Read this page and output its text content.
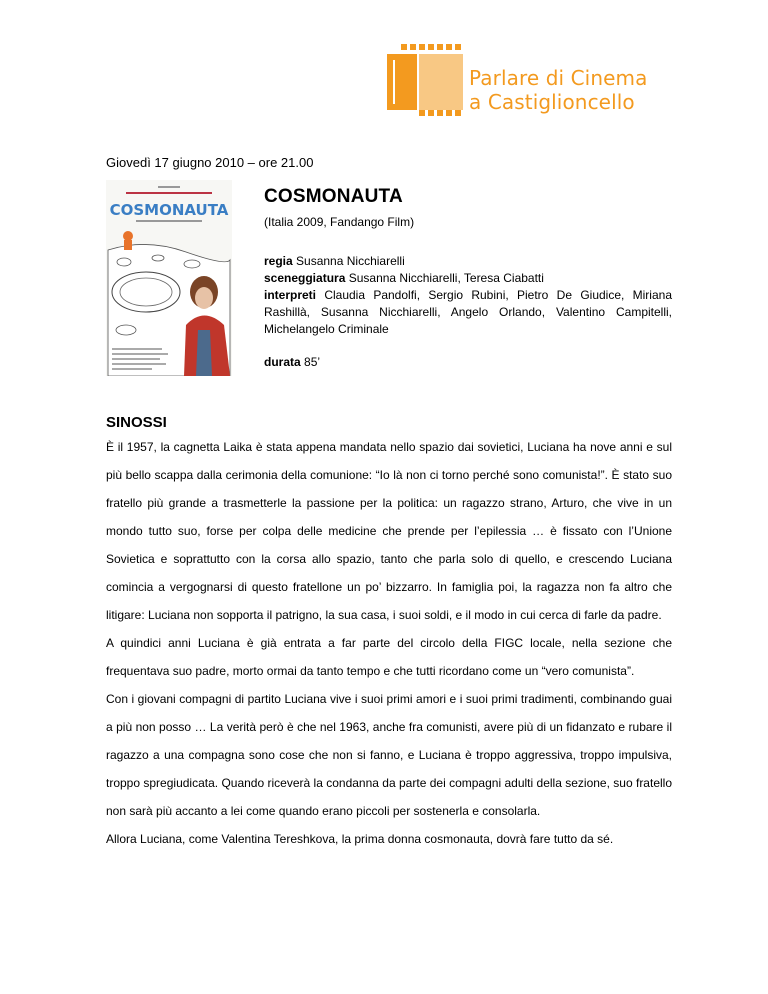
Parlare di Cinema
a Castiglioncello
Giovedì 17 giugno 2010 – ore 21.00
COSMONAUTA
COSMONAUTA
(Italia 2009, Fandango Film)
regia Susanna Nicchiarelli
sceneggiatura Susanna Nicchiarelli, Teresa Ciabatti
interpreti Claudia Pandolfi, Sergio Rubini, Pietro De Giudice, Miriana Rashillà, Susanna Nicchiarelli, Angelo Orlando, Valentino Campitelli, Michelangelo Criminale
durata 85’
SINOSSI

È il 1957, la cagnetta Laika è stata appena mandata nello spazio dai sovietici, Luciana ha nove anni e sul più bello scappa dalla cerimonia della comunione: “Io là non ci torno perché sono comunista!”. È stato suo fratello più grande a trasmetterle la passione per la politica: un ragazzo strano, Arturo, che vive in un mondo tutto suo, forse per colpa delle medicine che prende per l’epilessia … è fissato con l’Unione Sovietica e soprattutto con la corsa allo spazio, tanto che parla solo di quello, e crescendo Luciana comincia a vergognarsi di questo fratellone un po’ bizzarro. In famiglia poi, la ragazza non fa altro che litigare: Luciana non sopporta il patrigno, la sua casa, i suoi soldi, e il modo in cui cerca di farle da padre.

A quindici anni Luciana è già entrata a far parte del circolo della FIGC locale, nella sezione che frequentava suo padre, morto ormai da tanto tempo e che tutti ricordano come un “vero comunista”.

Con i giovani compagni di partito Luciana vive i suoi primi amori e i suoi primi tradimenti, combinando guai a più non posso … La verità però è che nel 1963, anche fra comunisti, avere più di un fidanzato e rubare il ragazzo a una compagna sono cose che non si fanno, e Luciana è troppo aggressiva, troppo impulsiva, troppo spregiudicata. Quando riceverà la condanna da parte dei compagni adulti della sezione, suo fratello non sarà più accanto a lei come quando erano piccoli per sostenerla e consolarla.

Allora Luciana, come Valentina Tereshkova, la prima donna cosmonauta, dovrà fare tutto da sé.
